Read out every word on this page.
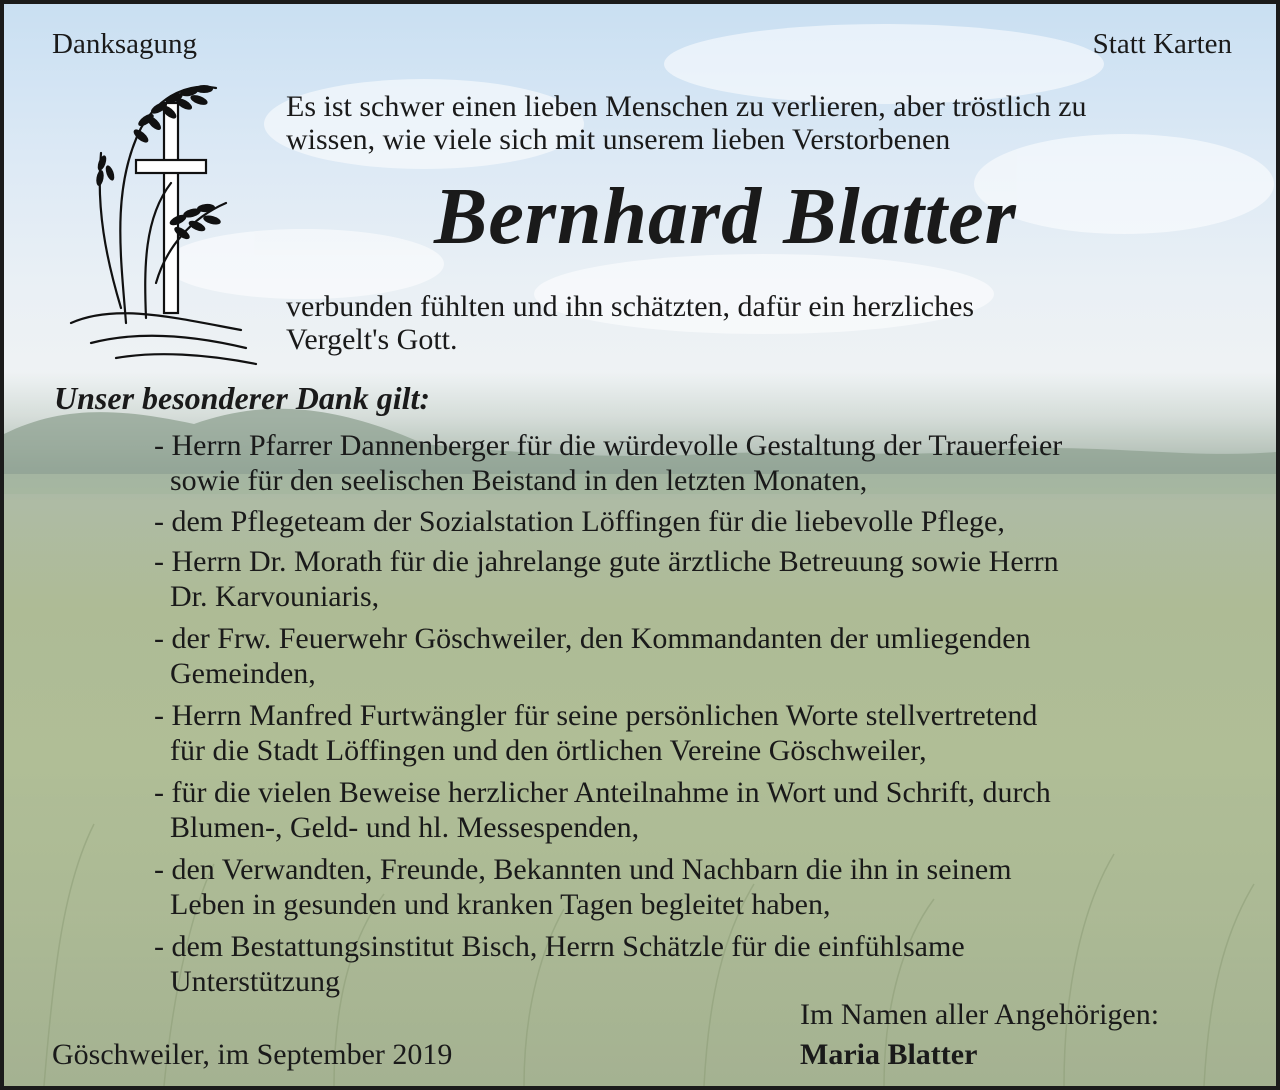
Danksagung	Statt Karten

Es ist schwer einen lieben Menschen zu verlieren, aber tröstlich zu
wissen, wie viele sich mit unserem lieben Verstorbenen

Bernhard Blatter

verbunden fühlten und ihn schätzten, dafür ein herzliches
Vergelt's Gott.

Unser besonderer Dank gilt:

- Herrn Pfarrer Dannenberger für die würdevolle Gestaltung der Trauerfeier
sowie für den seelischen Beistand in den letzten Monaten,
- dem Pflegeteam der Sozialstation Löffingen für die liebevolle Pflege,
- Herrn Dr. Morath für die jahrelange gute ärztliche Betreuung sowie Herrn
Dr. Karvouniaris,
- der Frw. Feuerwehr Göschweiler, den Kommandanten der umliegenden
Gemeinden,
- Herrn Manfred Furtwängler für seine persönlichen Worte stellvertretend
für die Stadt Löffingen und den örtlichen Vereine Göschweiler,
- für die vielen Beweise herzlicher Anteilnahme in Wort und Schrift, durch
Blumen-, Geld- und hl. Messespenden,
- den Verwandten, Freunde, Bekannten und Nachbarn die ihn in seinem
Leben in gesunden und kranken Tagen begleitet haben,
- dem Bestattungsinstitut Bisch, Herrn Schätzle für die einfühlsame
Unterstützung

Im Namen aller Angehörigen:

Göschweiler, im September 2019	Maria Blatter
